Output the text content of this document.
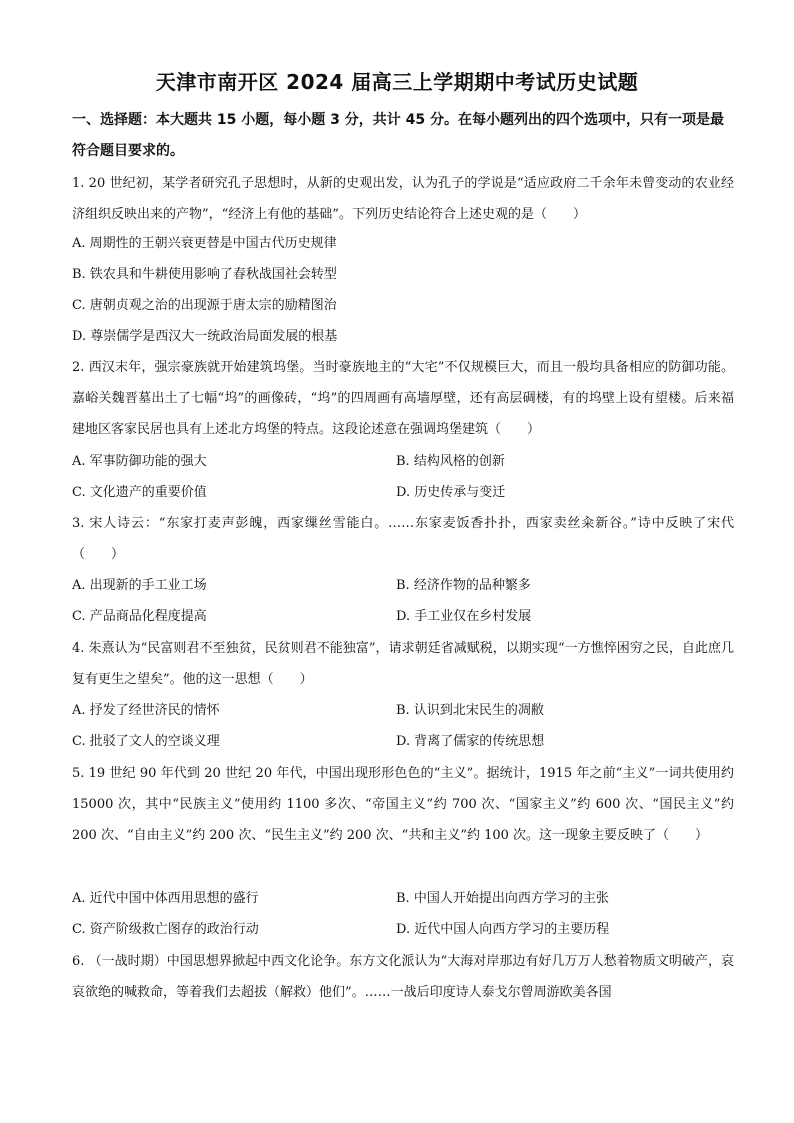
天津市南开区 2024 届高三上学期期中考试历史试题
一、选择题：本大题共 15 小题，每小题 3 分，共计 45 分。在每小题列出的四个选项中，只有一项是最符合题目要求的。
1. 20 世纪初，某学者研究孔子思想时，从新的史观出发，认为孔子的学说是“适应政府二千余年未曾变动的农业经济组织反映出来的产物”，“经济上有他的基础”。下列历史结论符合上述史观的是（　　）
A. 周期性的王朝兴衰更替是中国古代历史规律
B. 铁农具和牛耕使用影响了春秋战国社会转型
C. 唐朝贞观之治的出现源于唐太宗的励精图治
D. 尊崇儒学是西汉大一统政治局面发展的根基
2. 西汉末年，强宗豪族就开始建筑坞堡。当时豪族地主的“大宅”不仅规模巨大，而且一般均具备相应的防御功能。嘉峪关魏晋墓出土了七幅“坞”的画像砖，“坞”的四周画有高墙厚壁，还有高层碉楼，有的坞壁上设有望楼。后来福建地区客家民居也具有上述北方坞堡的特点。这段论述意在强调坞堡建筑（　　）
A. 军事防御功能的强大	B. 结构风格的创新
C. 文化遗产的重要价值	D. 历史传承与变迁
3. 宋人诗云：“东家打麦声彭魄，西家缫丝雪能白。……东家麦饭香扑扑，西家卖丝籴新谷。”诗中反映了宋代（　　）
A. 出现新的手工业工场	B. 经济作物的品种繁多
C. 产品商品化程度提高	D. 手工业仅在乡村发展
4. 朱熹认为“民富则君不至独贫，民贫则君不能独富”，请求朝廷省减赋税，以期实现“一方憔悴困穷之民，自此庶几复有更生之望矣”。他的这一思想（　　）
A. 抒发了经世济民的情怀	B. 认识到北宋民生的凋敝
C. 批驳了文人的空谈义理	D. 背离了儒家的传统思想
5. 19 世纪 90 年代到 20 世纪 20 年代，中国出现形形色色的“主义”。据统计，1915 年之前“主义”一词共使用约 15000 次，其中“民族主义”使用约 1100 多次、“帝国主义”约 700 次、“国家主义”约 600 次、“国民主义”约 200 次、“自由主义”约 200 次、“民生主义”约 200 次、“共和主义”约 100 次。这一现象主要反映了（　　）
A. 近代中国中体西用思想的盛行	B. 中国人开始提出向西方学习的主张
C. 资产阶级救亡图存的政治行动	D. 近代中国人向西方学习的主要历程
6. （一战时期）中国思想界掀起中西文化论争。东方文化派认为“大海对岸那边有好几万万人愁着物质文明破产，哀哀欲绝的喊救命，等着我们去超拔（解救）他们”。……一战后印度诗人泰戈尔曾周游欧美各国
